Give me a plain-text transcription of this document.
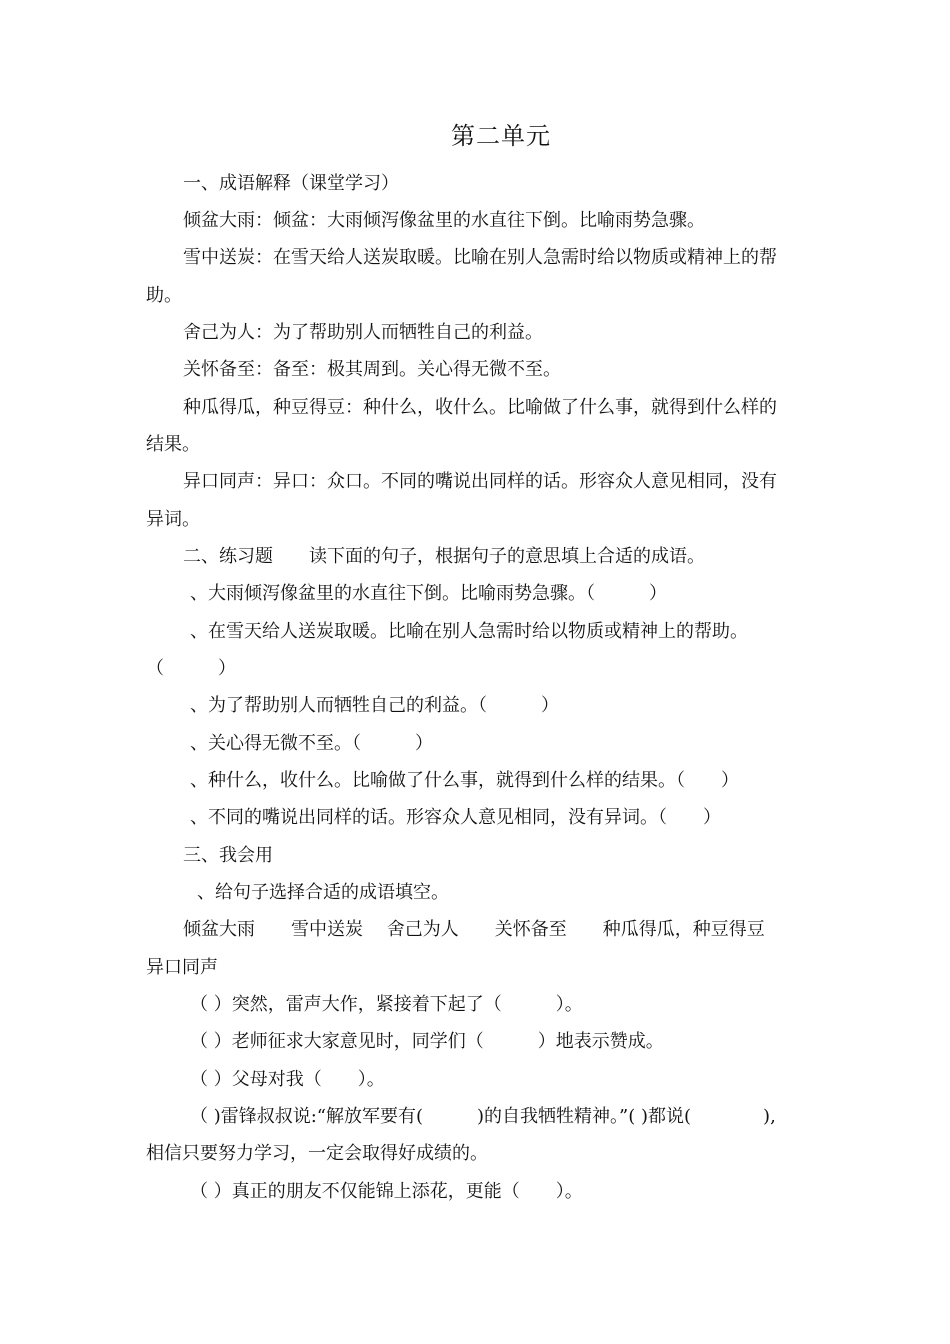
第二单元
一、成语解释（课堂学习）
倾盆大雨：倾盆：大雨倾泻像盆里的水直往下倒。比喻雨势急骤。
雪中送炭：在雪天给人送炭取暖。比喻在别人急需时给以物质或精神上的帮
助。
舍己为人：为了帮助别人而牺牲自己的利益。
关怀备至：备至：极其周到。关心得无微不至。
种瓜得瓜，种豆得豆：种什么，收什么。比喻做了什么事，就得到什么样的
结果。
异口同声：异口：众口。不同的嘴说出同样的话。形容众人意见相同，没有
异词。
二、练习题　　读下面的句子，根据句子的意思填上合适的成语。
、大雨倾泻像盆里的水直往下倒。比喻雨势急骤。（　　　）
、在雪天给人送炭取暖。比喻在别人急需时给以物质或精神上的帮助。
（　　　）
、为了帮助别人而牺牲自己的利益。（　　　）
、关心得无微不至。（　　　）
、种什么，收什么。比喻做了什么事，就得到什么样的结果。（　　）
、不同的嘴说出同样的话。形容众人意见相同，没有异词。（　　）
三、我会用
、给句子选择合适的成语填空。
倾盆大雨　　雪中送炭　 舍己为人　　关怀备至　　种瓜得瓜，种豆得豆
异口同声
（ ）突然，雷声大作，紧接着下起了（　　　）。
（ ）老师征求大家意见时，同学们（　　　）地表示赞成。
（ ）父母对我（　　）。
（ )雷锋叔叔说:“解放军要有(　　　)的自我牺牲精神。”( )都说(　　　　),
相信只要努力学习，一定会取得好成绩的。
（ ）真正的朋友不仅能锦上添花，更能（　　）。
